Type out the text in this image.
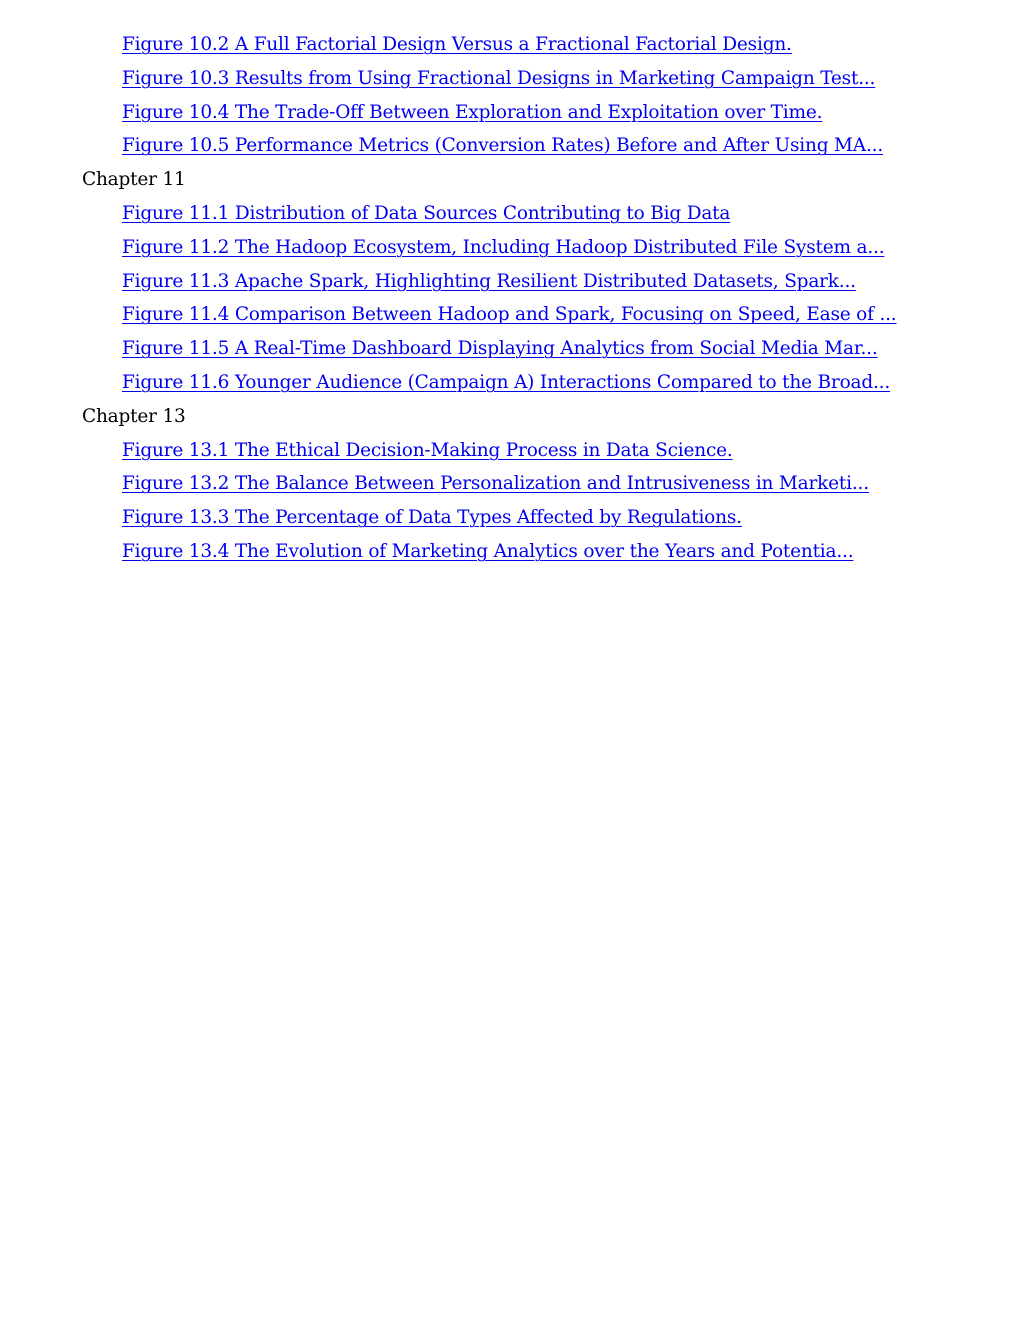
Figure 10.2 A Full Factorial Design Versus a Fractional Factorial Design.
Figure 10.3 Results from Using Fractional Designs in Marketing Campaign Test...
Figure 10.4 The Trade-Off Between Exploration and Exploitation over Time.
Figure 10.5 Performance Metrics (Conversion Rates) Before and After Using MA...
Chapter 11
Figure 11.1 Distribution of Data Sources Contributing to Big Data
Figure 11.2 The Hadoop Ecosystem, Including Hadoop Distributed File System a...
Figure 11.3 Apache Spark, Highlighting Resilient Distributed Datasets, Spark...
Figure 11.4 Comparison Between Hadoop and Spark, Focusing on Speed, Ease of ...
Figure 11.5 A Real-Time Dashboard Displaying Analytics from Social Media Mar...
Figure 11.6 Younger Audience (Campaign A) Interactions Compared to the Broad...
Chapter 13
Figure 13.1 The Ethical Decision-Making Process in Data Science.
Figure 13.2 The Balance Between Personalization and Intrusiveness in Marketi...
Figure 13.3 The Percentage of Data Types Affected by Regulations.
Figure 13.4 The Evolution of Marketing Analytics over the Years and Potentia...
